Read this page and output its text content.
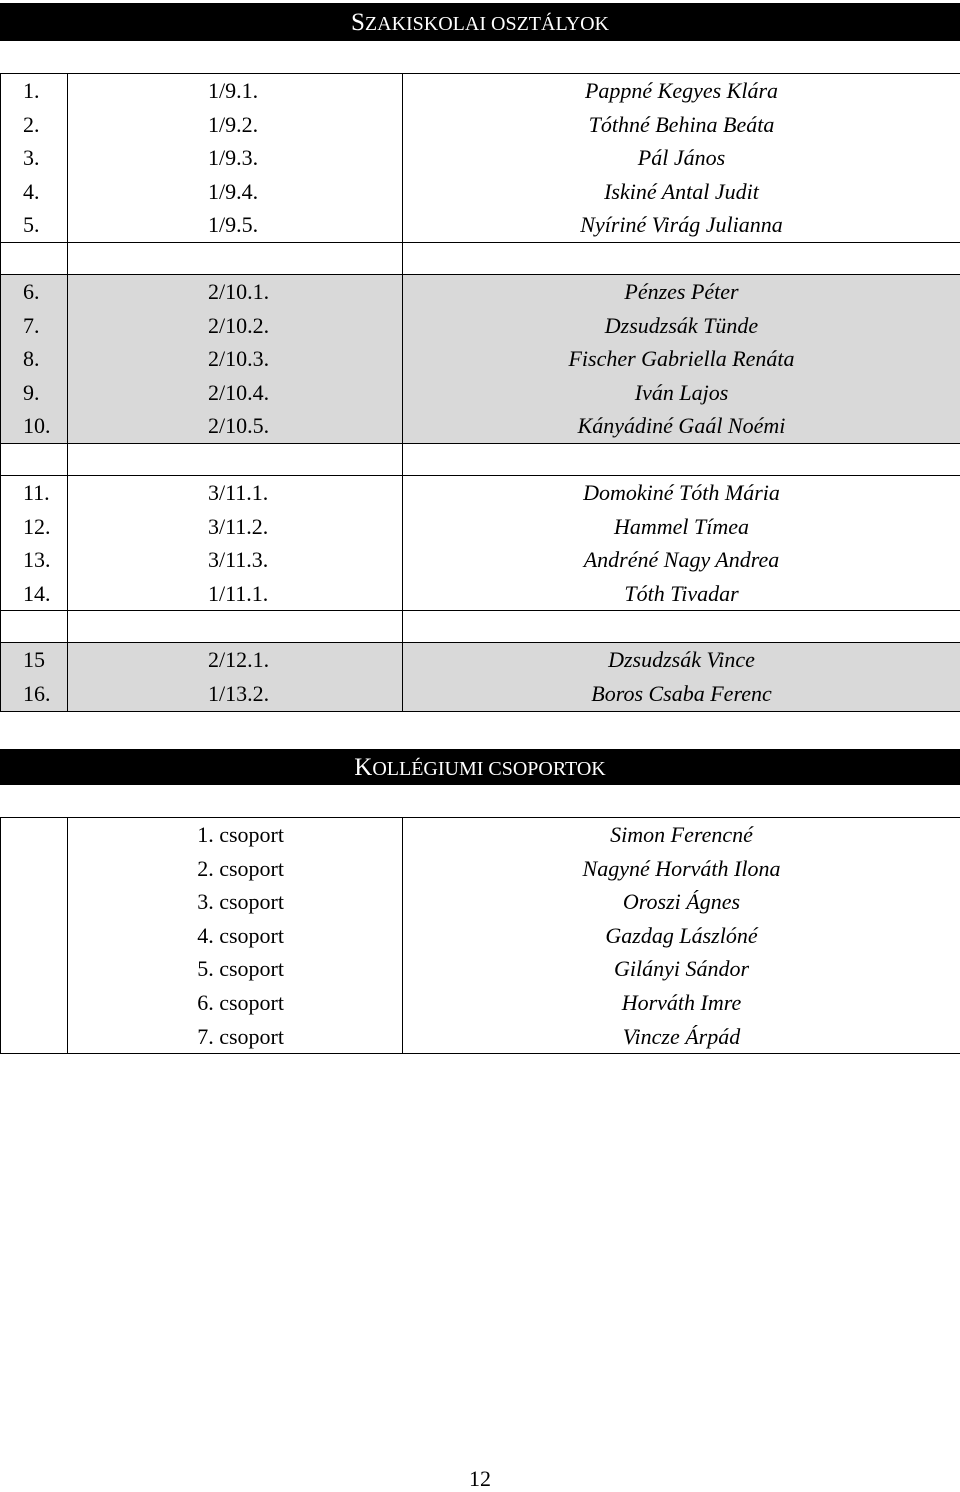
SZAKISKOLAI OSZTÁLYOK
1.	1/9.1.	Pappné Kegyes Klára
2.	1/9.2.	Tóthné Behina Beáta
3.	1/9.3.	Pál János
4.	1/9.4.	Iskiné Antal Judit
5.	1/9.5.	Nyíriné Virág Julianna

6.	2/10.1.	Pénzes Péter
7.	2/10.2.	Dzsudzsák Tünde
8.	2/10.3.	Fischer Gabriella Renáta
9.	2/10.4.	Iván Lajos
10.	2/10.5.	Kányádiné Gaál Noémi

11.	3/11.1.	Domokiné Tóth Mária
12.	3/11.2.	Hammel Tímea
13.	3/11.3.	Andréné Nagy Andrea
14.	1/11.1.	Tóth Tivadar

15	2/12.1.	Dzsudzsák Vince
16.	1/13.2.	Boros Csaba Ferenc
KOLLÉGIUMI CSOPORTOK
	1. csoport	Simon Ferencné
	2. csoport	Nagyné Horváth Ilona
	3. csoport	Oroszi Ágnes
	4. csoport	Gazdag Lászlóné
	5. csoport	Gilányi Sándor
	6. csoport	Horváth Imre
	7. csoport	Vincze Árpád
12
